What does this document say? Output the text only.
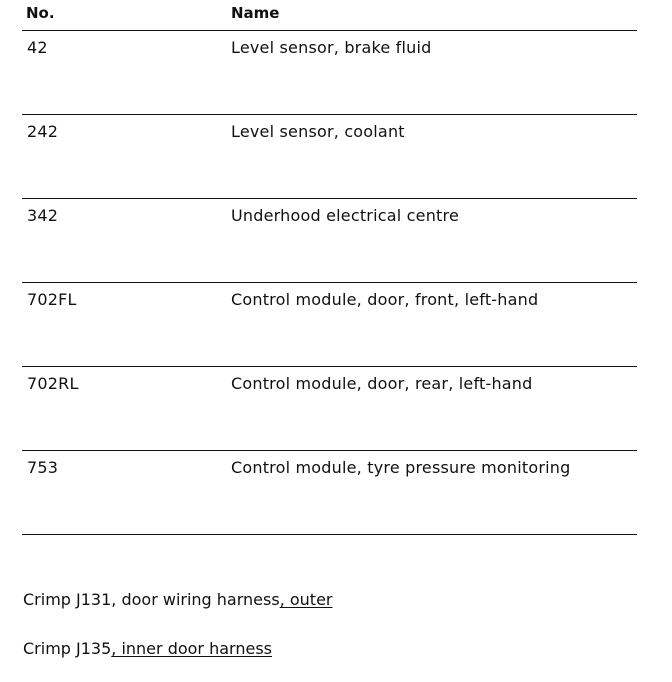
No.	Name
42	Level sensor, brake fluid
242	Level sensor, coolant
342	Underhood electrical centre
702FL	Control module, door, front, left-hand
702RL	Control module, door, rear, left-hand
753	Control module, tyre pressure monitoring
Crimp J131, door wiring harness, outer
Crimp J135, inner door harness
